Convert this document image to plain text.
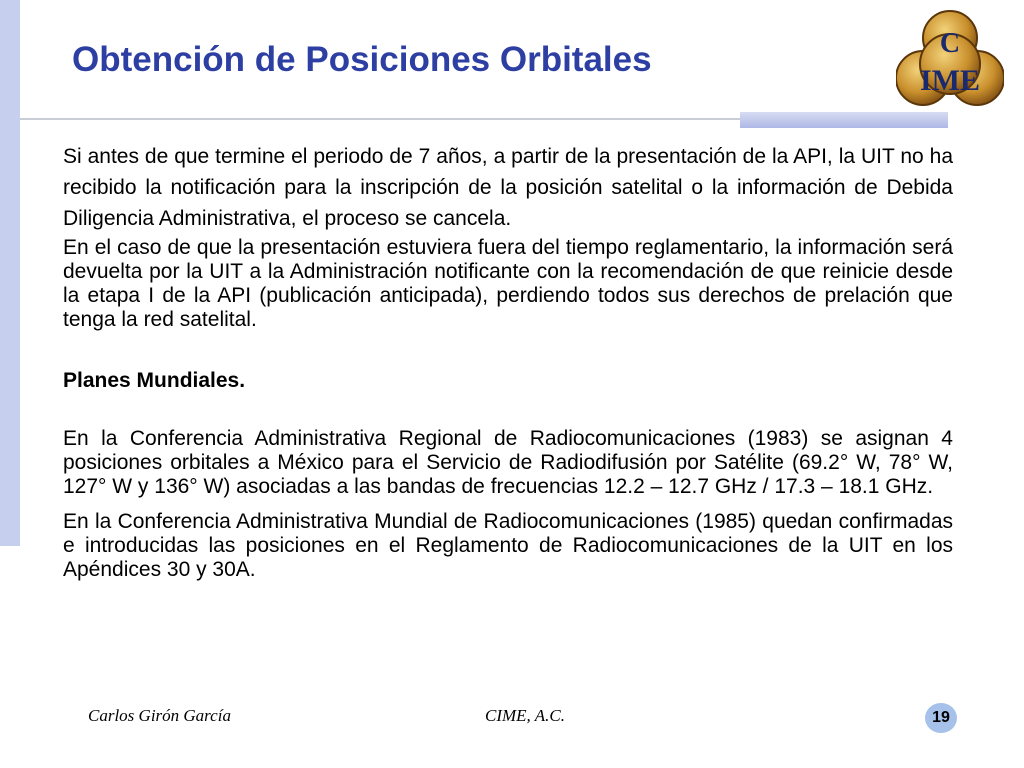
Obtención de Posiciones Orbitales	C
IME

Si antes de que termine el periodo de 7 años, a partir de la presentación de la API, la UIT no ha recibido la notificación para la inscripción de la posición satelital o la información de Debida Diligencia Administrativa, el proceso se cancela.

En el caso de que la presentación estuviera fuera del tiempo reglamentario, la información será devuelta por la UIT a la Administración notificante con la recomendación de que reinicie desde la etapa I de la API (publicación anticipada), perdiendo todos sus derechos de prelación que tenga la red satelital.

Planes Mundiales.

En la Conferencia Administrativa Regional de Radiocomunicaciones (1983) se asignan 4 posiciones orbitales a México para el Servicio de Radiodifusión por Satélite (69.2° W, 78° W, 127° W y 136° W) asociadas a las bandas de frecuencias 12.2 – 12.7 GHz / 17.3 – 18.1 GHz.

En la Conferencia Administrativa Mundial de Radiocomunicaciones (1985) quedan confirmadas e introducidas las posiciones en el Reglamento de Radiocomunicaciones de la UIT en los Apéndices 30 y 30A.

Carlos Girón García	CIME, A.C.	19
